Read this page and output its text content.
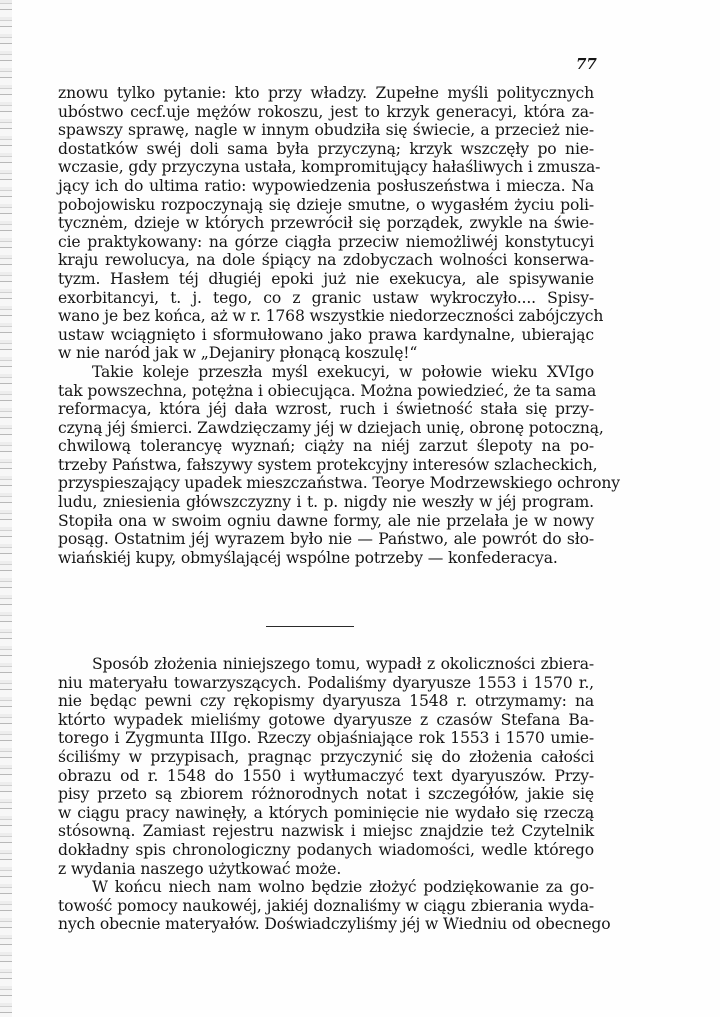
77
znowu tylko pytanie: kto przy władzy. Zupełne myśli politycznych
ubóstwo cecf.uje mężów rokoszu, jest to krzyk generacyi, która za-
spawszy sprawę, nagle w innym obudziła się świecie, a przecież nie-
dostatków swéj doli sama była przyczyną; krzyk wszczęły po nie-
wczasie, gdy przyczyna ustała, kompromitujący hałaśliwych i zmusza-
jący ich do ultima ratio: wypowiedzenia posłuszeństwa i miecza. Na
pobojowisku rozpoczynają się dzieje smutne, o wygasłém życiu poli-
tycznėm, dzieje w których przewrócił się porządek, zwykle na świe-
cie praktykowany: na górze ciągła przeciw niemożliwéj konstytucyi
kraju rewolucya, na dole śpiący na zdobyczach wolności konserwa-
tyzm. Hasłem téj długiéj epoki już nie exekucya, ale spisywanie
exorbitancyi, t. j. tego, co z granic ustaw wykroczyło.... Spisy-
wano je bez końca, aż w r. 1768 wszystkie niedorzeczności zabójczych
ustaw wciągnięto i sformułowano jako prawa kardynalne, ubierając
w nie naród jak w „Dejaniry płonącą koszulę!“
Takie koleje przeszła myśl exekucyi, w połowie wieku XVIgo
tak powszechna, potężna i obiecująca. Można powiedzieć, że ta sama
reformacya, która jéj dała wzrost, ruch i świetność stała się przy-
czyną jéj śmierci. Zawdzięczamy jéj w dziejach unię, obronę potoczną,
chwilową tolerancyę wyznań; ciąży na niéj zarzut ślepoty na po-
trzeby Państwa, fałszywy system protekcyjny interesów szlacheckich,
przyspieszający upadek mieszczaństwa. Teorye Modrzewskiego ochrony
ludu, zniesienia główszczyzny i t. p. nigdy nie weszły w jéj program.
Stopiła ona w swoim ogniu dawne formy, ale nie przelała je w nowy
posąg. Ostatnim jéj wyrazem było nie — Państwo, ale powrót do sło-
wiańskiéj kupy, obmyślającéj wspólne potrzeby — konfederacya.
Sposób złożenia niniejszego tomu, wypadł z okoliczności zbiera-
niu materyału towarzyszących. Podaliśmy dyaryusze 1553 i 1570 r.,
nie będąc pewni czy rękopismy dyaryusza 1548 r. otrzymamy: na
którto wypadek mieliśmy gotowe dyaryusze z czasów Stefana Ba-
torego i Zygmunta IIIgo. Rzeczy objaśniające rok 1553 i 1570 umie-
ściliśmy w przypisach, pragnąc przyczynić się do złożenia całości
obrazu od r. 1548 do 1550 i wytłumaczyć text dyaryuszów. Przy-
pisy przeto są zbiorem różnorodnych notat i szczegółów, jakie się
w ciągu pracy nawinęły, a których pominięcie nie wydało się rzeczą
stósowną. Zamiast rejestru nazwisk i miejsc znajdzie też Czytelnik
dokładny spis chronologiczny podanych wiadomości, wedle którego
z wydania naszego użytkować może.
W końcu niech nam wolno będzie złożyć podziękowanie za go-
towość pomocy naukowéj, jakiéj doznaliśmy w ciągu zbierania wyda-
nych obecnie materyałów. Doświadczyliśmy jéj w Wiedniu od obecnego
